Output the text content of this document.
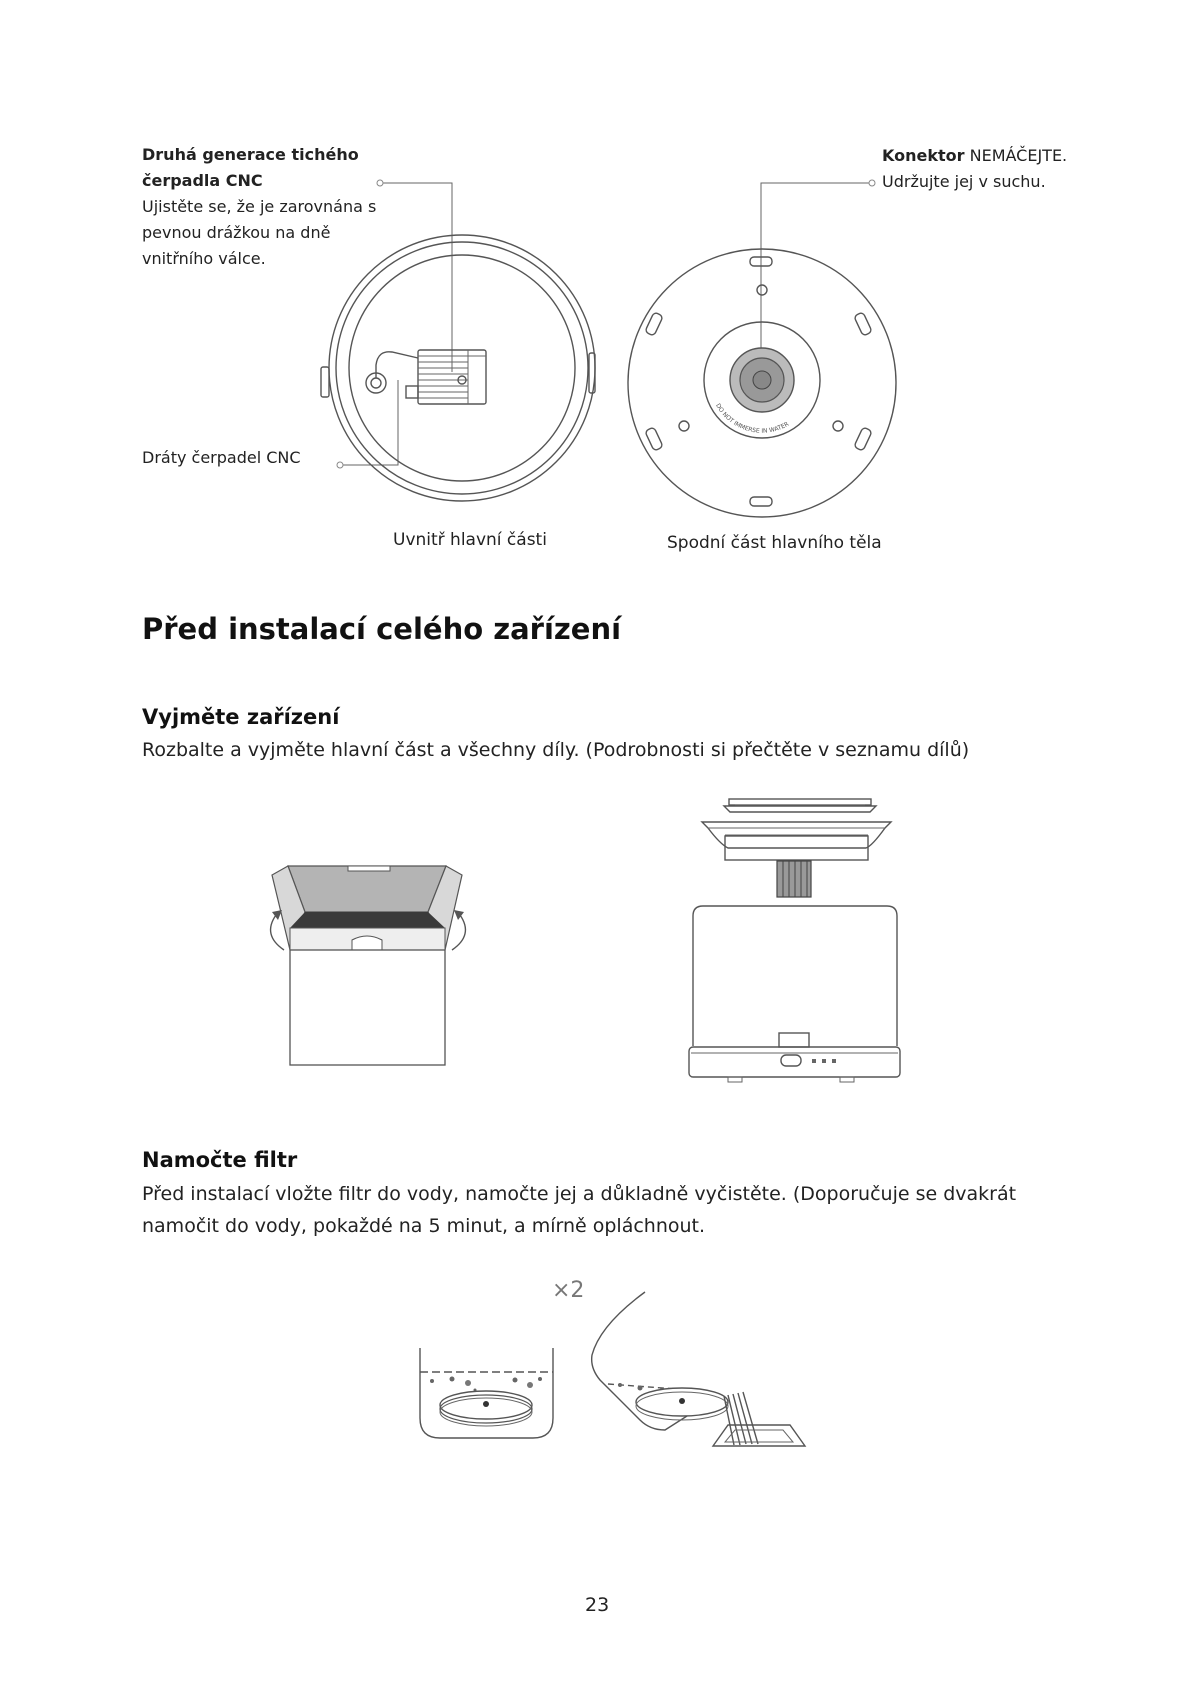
Druhá generace tichého čerpadla CNC
Ujistěte se, že je zarovnána s pevnou drážkou na dně vnitřního válce.
Konektor NEMÁČEJTE.
Udržujte jej v suchu.
Dráty čerpadel CNC
Uvnitř hlavní části
DO NOT IMMERSE IN WATER
Spodní část hlavního těla
Před instalací celého zařízení
Vyjměte zařízení
Rozbalte a vyjměte hlavní část a všechny díly. (Podrobnosti si přečtěte v seznamu dílů)
Namočte filtr
Před instalací vložte filtr do vody, namočte jej a důkladně vyčistěte. (Doporučuje se dvakrát namočit do vody, pokaždé na 5 minut, a mírně opláchnout.
×2
23
